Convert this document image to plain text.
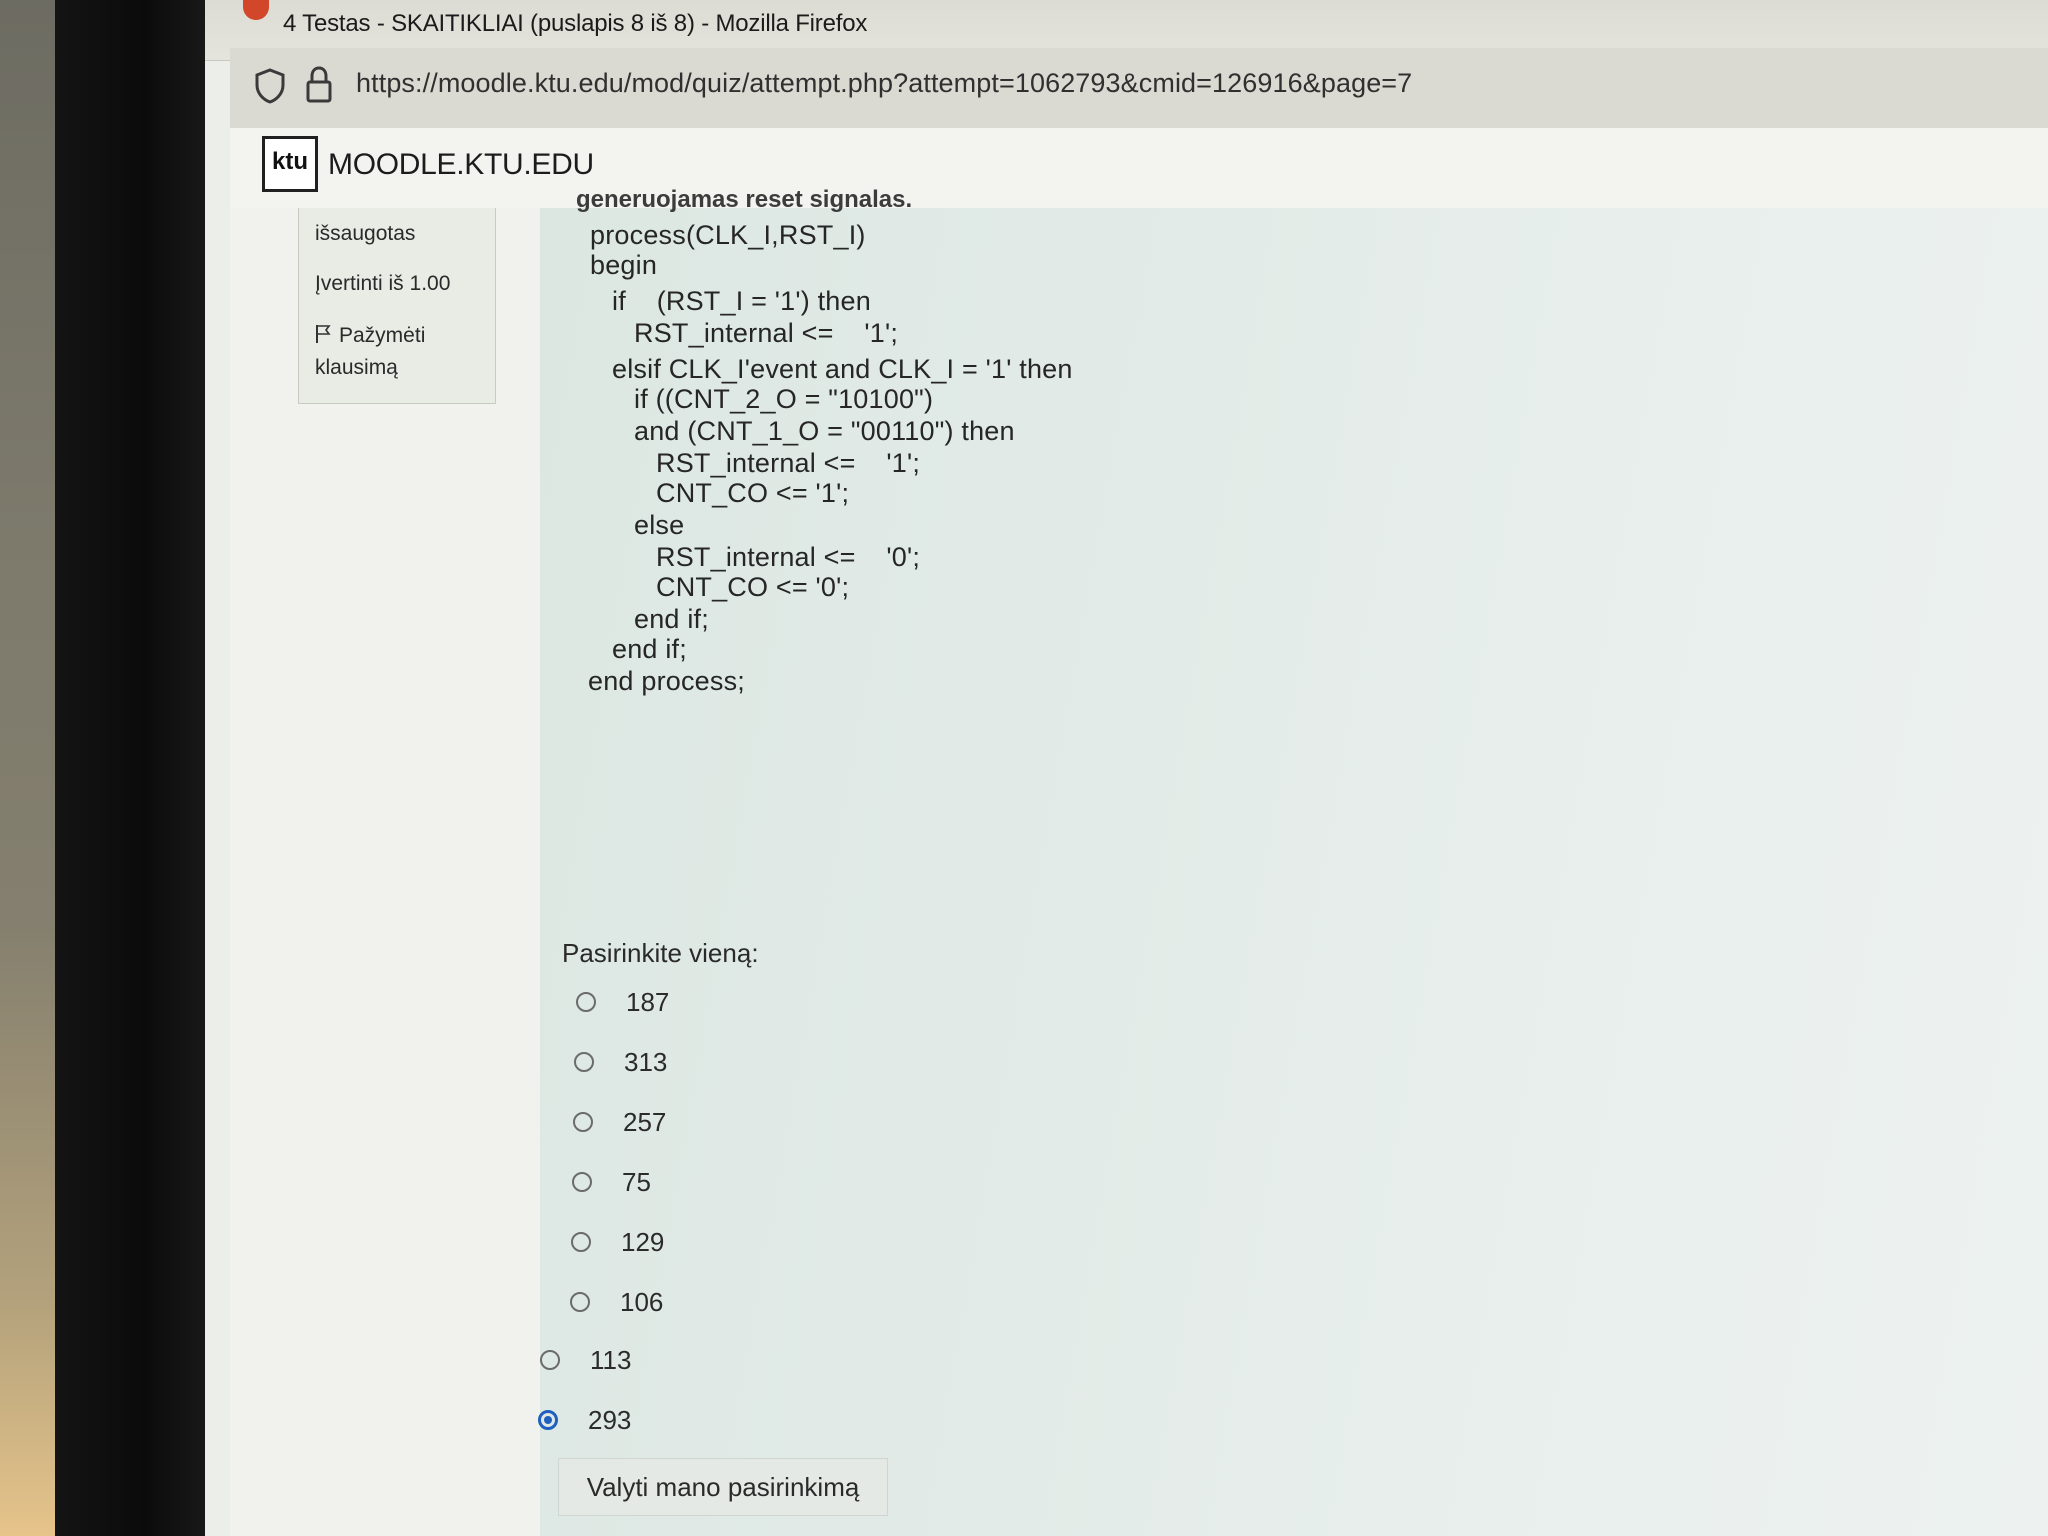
4 Testas - SKAITIKLIAI (puslapis 8 iš 8) - Mozilla Firefox
https://moodle.ktu.edu/mod/quiz/attempt.php?attempt=1062793&cmid=126916&page=7
ktu MOODLE.KTU.EDU
išsaugotas
Įvertinti iš 1.00
Pažymėti
klausimą
generuojamas reset signalas.
process(CLK_I,RST_I)
begin
if    (RST_I = '1') then
RST_internal <=    '1';
elsif CLK_I'event and CLK_I = '1' then
if ((CNT_2_O = "10100")
and (CNT_1_O = "00110") then
RST_internal <=    '1';
CNT_CO <= '1';
else
RST_internal <=    '0';
CNT_CO <= '0';
end if;
end if;
end process;
Pasirinkite vieną:
187
313
257
75
129
106
113
293
Valyti mano pasirinkimą
